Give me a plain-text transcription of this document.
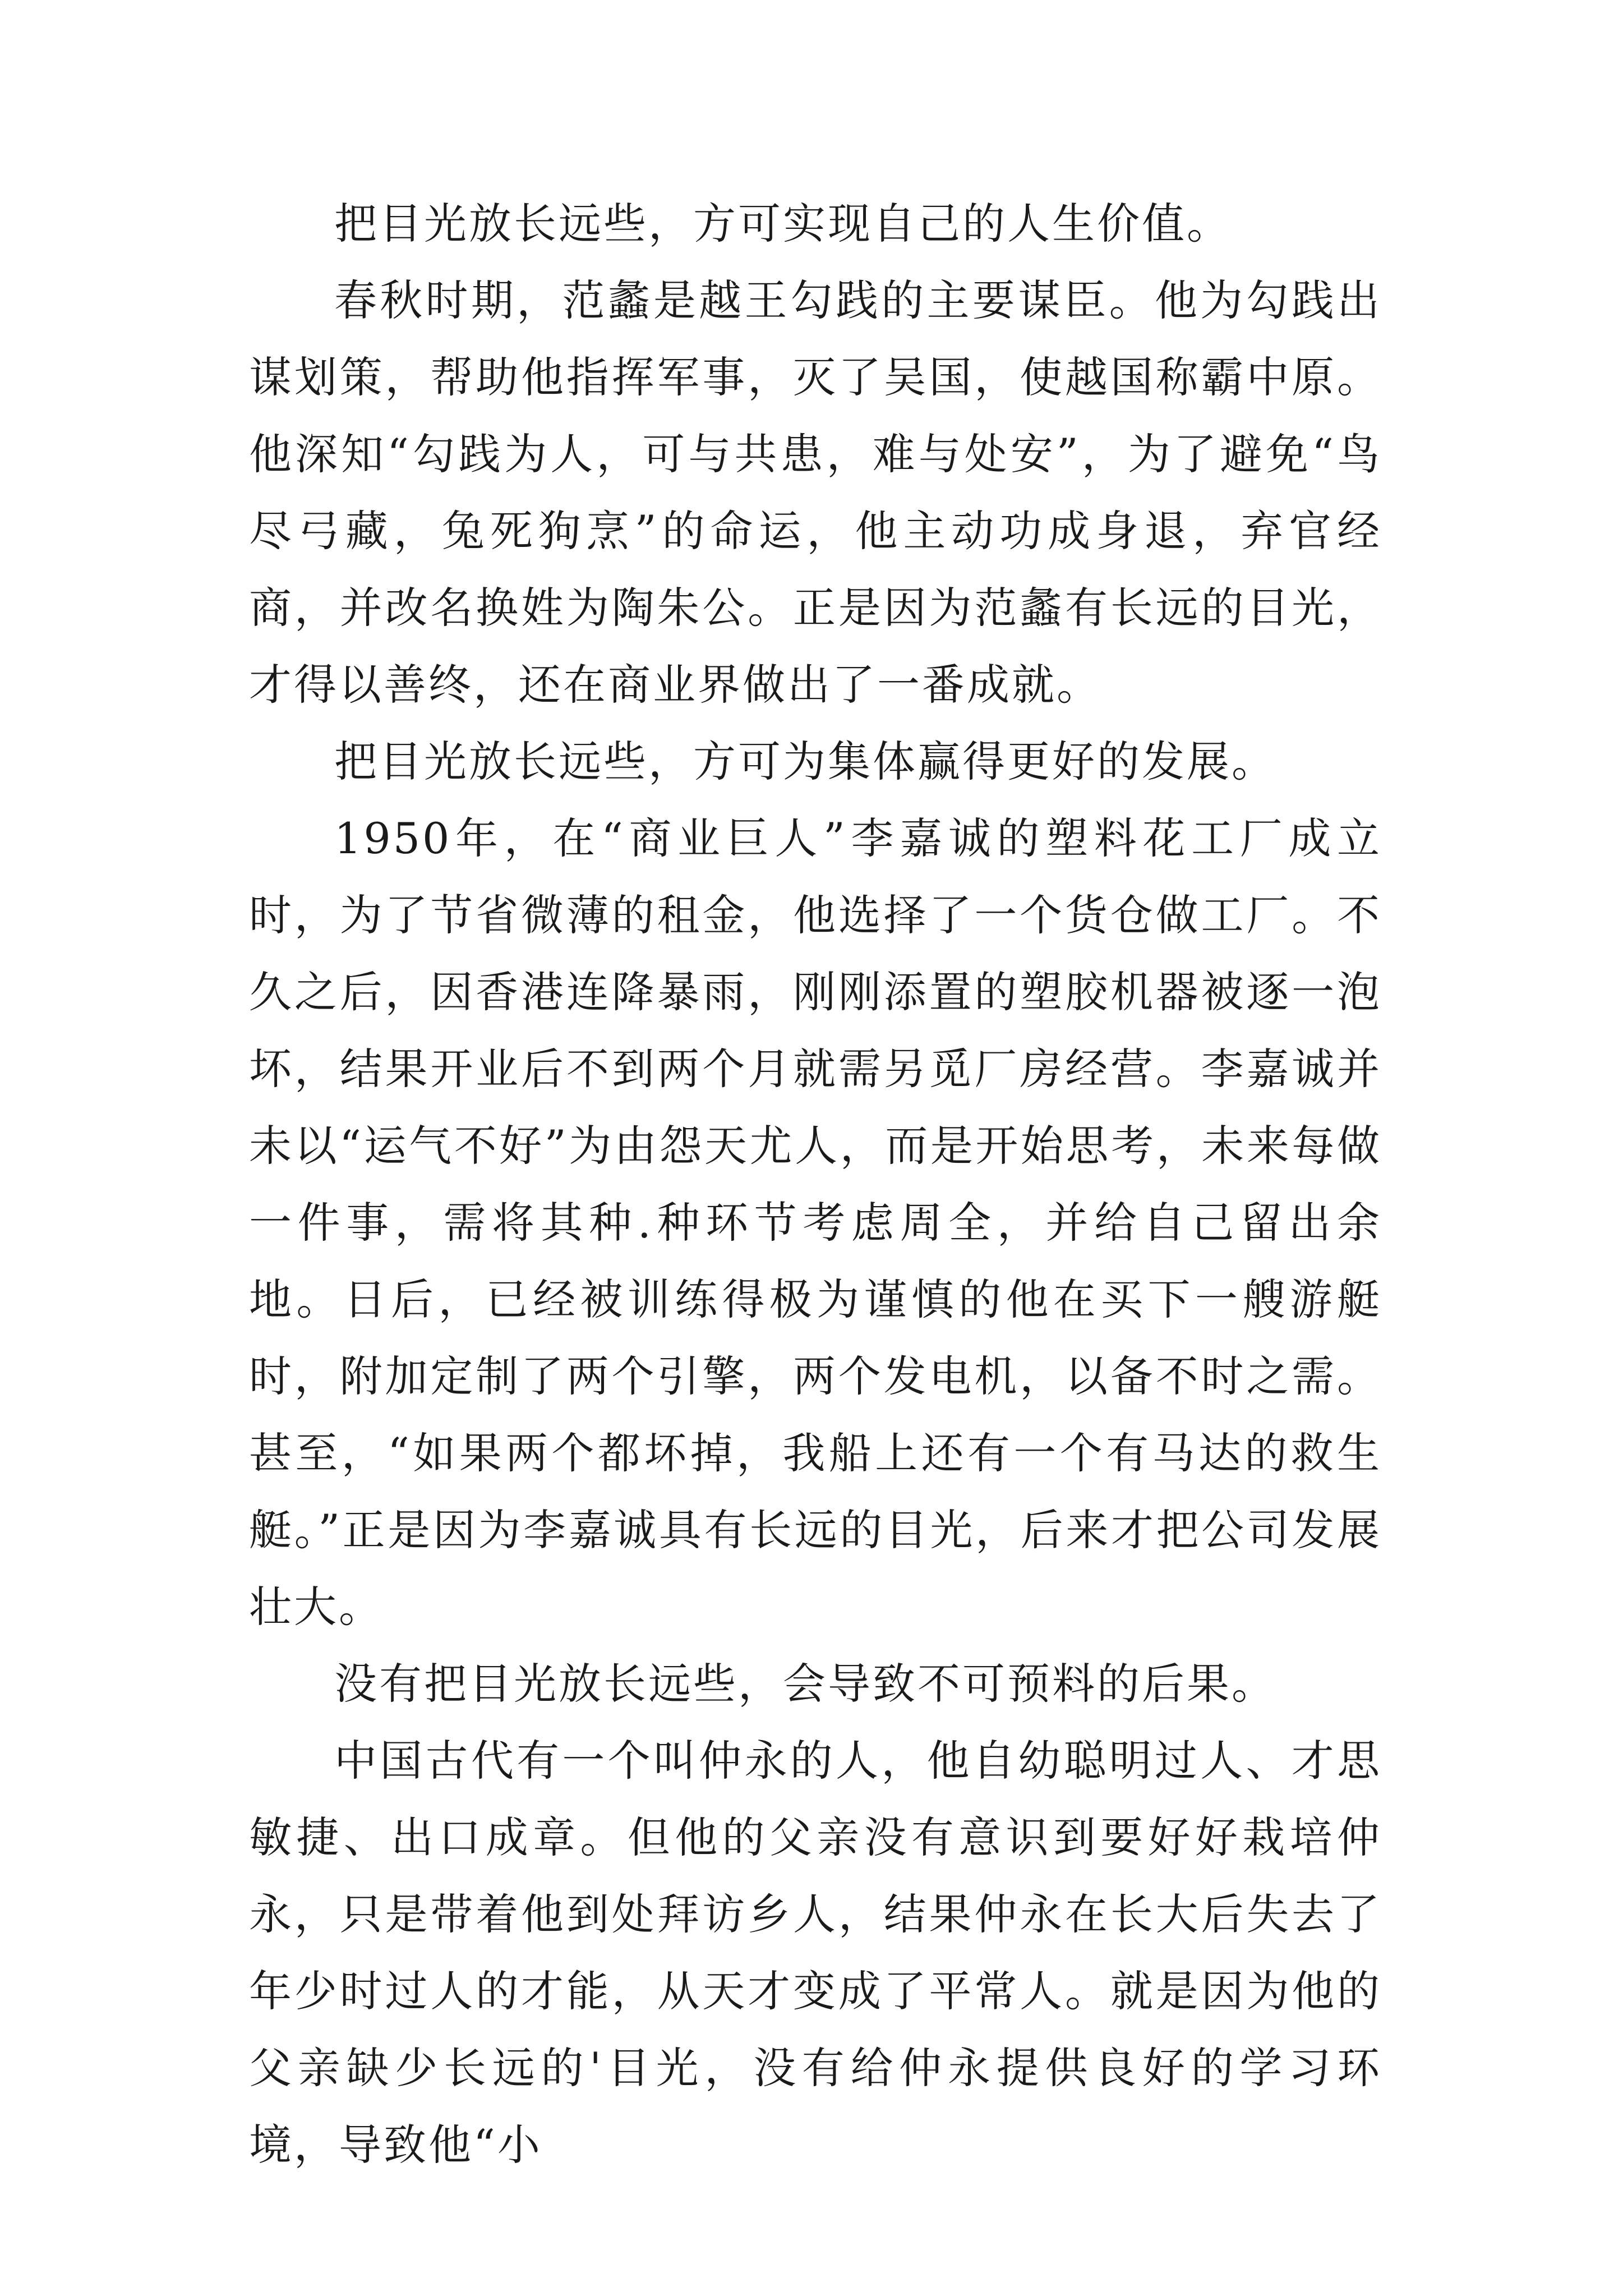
把目光放长远些，方可实现自己的人生价值。

春秋时期，范蠡是越王勾践的主要谋臣。他为勾践出谋划策，帮助他指挥军事，灭了吴国，使越国称霸中原。他深知“勾践为人，可与共患，难与处安”，为了避免“鸟尽弓藏，兔死狗烹”的命运，他主动功成身退，弃官经商，并改名换姓为陶朱公。正是因为范蠡有长远的目光，才得以善终，还在商业界做出了一番成就。

把目光放长远些，方可为集体赢得更好的发展。

1950年，在“商业巨人”李嘉诚的塑料花工厂成立时，为了节省微薄的租金，他选择了一个货仓做工厂。不久之后，因香港连降暴雨，刚刚添置的塑胶机器被逐一泡坏，结果开业后不到两个月就需另觅厂房经营。李嘉诚并未以“运气不好”为由怨天尤人，而是开始思考，未来每做一件事，需将其种.种环节考虑周全，并给自己留出余地。日后，已经被训练得极为谨慎的他在买下一艘游艇时，附加定制了两个引擎，两个发电机，以备不时之需。甚至，“如果两个都坏掉，我船上还有一个有马达的救生艇。”正是因为李嘉诚具有长远的目光，后来才把公司发展壮大。

没有把目光放长远些，会导致不可预料的后果。

中国古代有一个叫仲永的人，他自幼聪明过人、才思敏捷、出口成章。但他的父亲没有意识到要好好栽培仲永，只是带着他到处拜访乡人，结果仲永在长大后失去了年少时过人的才能，从天才变成了平常人。就是因为他的父亲缺少长远的'目光，没有给仲永提供良好的学习环境，导致他“小
